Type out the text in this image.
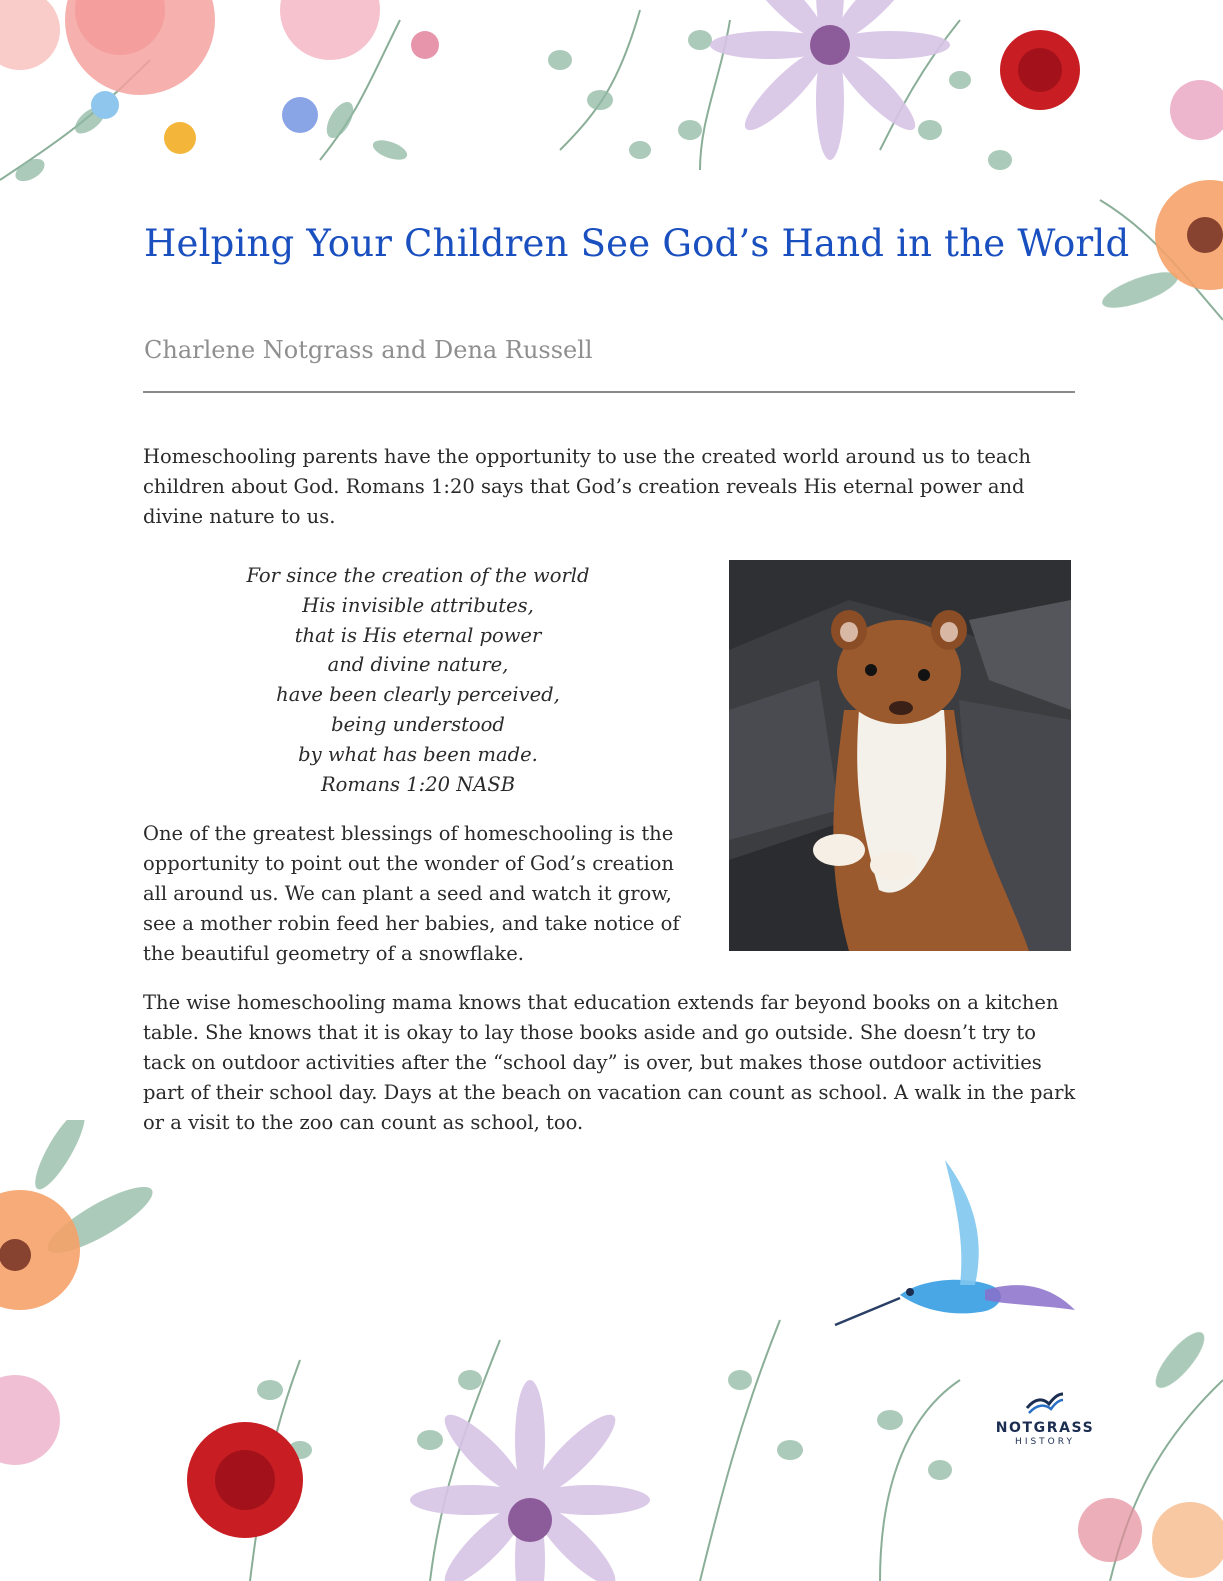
Helping Your Children See God’s Hand in the World

Charlene Notgrass and Dena Russell

Homeschooling parents have the opportunity to use the created world around us to teach children about God. Romans 1:20 says that God’s creation reveals His eternal power and divine nature to us.

For since the creation of the world
His invisible attributes,
that is His eternal power
and divine nature,
have been clearly perceived,
being understood
by what has been made.
Romans 1:20 NASB

One of the greatest blessings of homeschooling is the opportunity to point out the wonder of God’s creation all around us. We can plant a seed and watch it grow, see a mother robin feed her babies, and take notice of the beautiful geometry of a snowflake.

The wise homeschooling mama knows that education extends far beyond books on a kitchen table. She knows that it is okay to lay those books aside and go outside. She doesn’t try to tack on outdoor activities after the “school day” is over, but makes those outdoor activities part of their school day. Days at the beach on vacation can count as school. A walk in the park or a visit to the zoo can count as school, too.

NOTGRASS
HISTORY
